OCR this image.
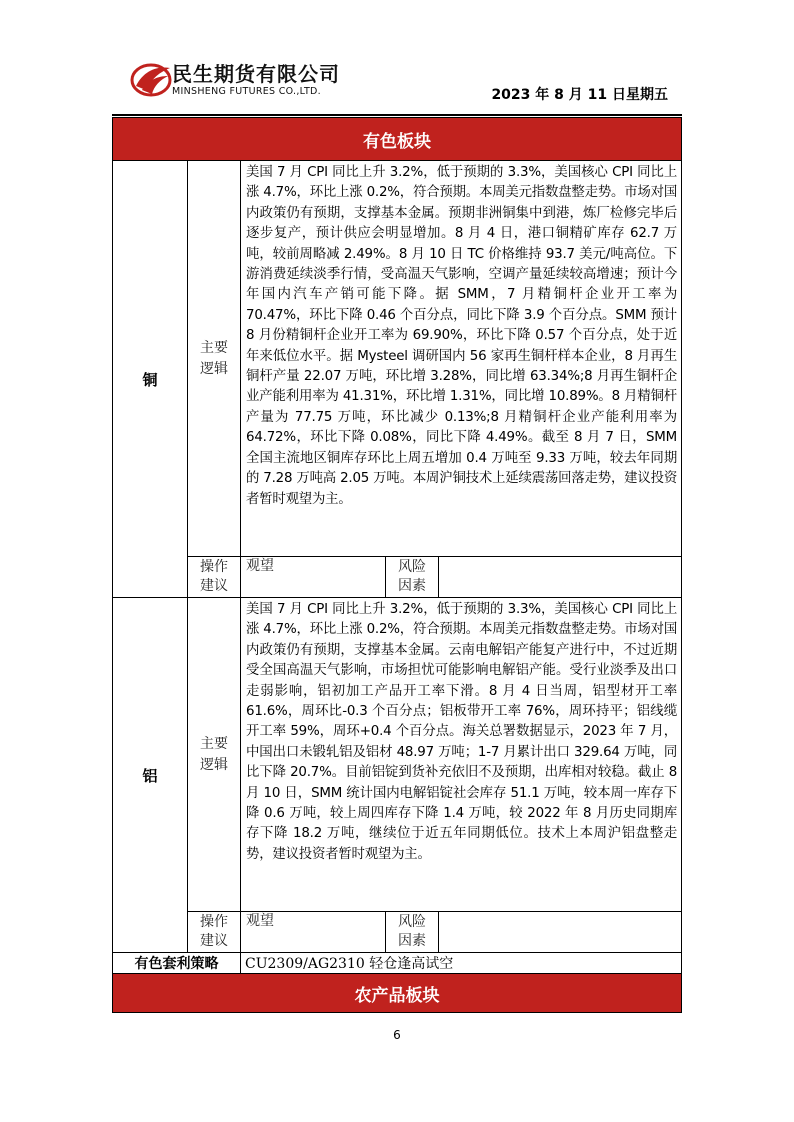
民生期货有限公司
MINSHENG FUTURES CO.,LTD.	2023 年 8 月 11 日星期五
有色板块				
铜	主要逻辑	美国 7 月 CPI 同比上升 3.2%，低于预期的 3.3%，美国核心 CPI 同比上涨 4.7%，环比上涨 0.2%，符合预期。本周美元指数盘整走势。市场对国内政策仍有预期，支撑基本金属。预期非洲铜集中到港，炼厂检修完毕后逐步复产，预计供应会明显增加。8 月 4 日，港口铜精矿库存 62.7 万吨，较前周略减 2.49%。8 月 10 日 TC 价格维持 93.7 美元/吨高位。下游消费延续淡季行情，受高温天气影响，空调产量延续较高增速；预计今年国内汽车产销可能下降。据 SMM，7 月精铜杆企业开工率为 70.47%，环比下降 0.46 个百分点，同比下降 3.9 个百分点。SMM 预计 8 月份精铜杆企业开工率为 69.90%，环比下降 0.57 个百分点，处于近年来低位水平。据 Mysteel 调研国内 56 家再生铜杆样本企业，8 月再生铜杆产量 22.07 万吨，环比增 3.28%，同比增 63.34%;8 月再生铜杆企业产能利用率为 41.31%，环比增 1.31%，同比增 10.89%。8 月精铜杆产量为 77.75 万吨，环比减少 0.13%;8 月精铜杆企业产能利用率为 64.72%，环比下降 0.08%，同比下降 4.49%。截至 8 月 7 日，SMM 全国主流地区铜库存环比上周五增加 0.4 万吨至 9.33 万吨，较去年同期的 7.28 万吨高 2.05 万吨。本周沪铜技术上延续震荡回落走势，建议投资者暂时观望为主。		

	操作建议	观望	风险因素	

铝	主要逻辑	美国 7 月 CPI 同比上升 3.2%，低于预期的 3.3%，美国核心 CPI 同比上涨 4.7%，环比上涨 0.2%，符合预期。本周美元指数盘整走势。市场对国内政策仍有预期，支撑基本金属。云南电解铝产能复产进行中，不过近期受全国高温天气影响，市场担忧可能影响电解铝产能。受行业淡季及出口走弱影响，铝初加工产品开工率下滑。8 月 4 日当周，铝型材开工率 61.6%，周环比-0.3 个百分点；铝板带开工率 76%，周环持平；铝线缆开工率 59%，周环+0.4 个百分点。海关总署数据显示，2023 年 7 月，中国出口未锻轧铝及铝材 48.97 万吨；1-7 月累计出口 329.64 万吨，同比下降 20.7%。目前铝锭到货补充依旧不及预期，出库相对较稳。截止 8 月 10 日，SMM 统计国内电解铝锭社会库存 51.1 万吨，较本周一库存下降 0.6 万吨，较上周四库存下降 1.4 万吨，较 2022 年 8 月历史同期库存下降 18.2 万吨，继续位于近五年同期低位。技术上本周沪铝盘整走势，建议投资者暂时观望为主。		

	操作建议	观望	风险因素	

有色套利策略		CU2309/AG2310 轻仓逢高试空		
农产品板块				
6
